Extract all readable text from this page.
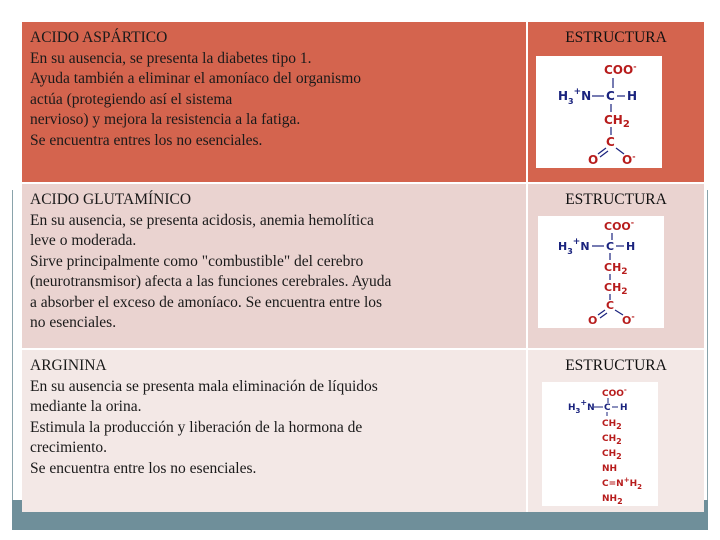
ACIDO ASPÁRTICO
En su ausencia, se presenta la diabetes tipo 1.
Ayuda también a eliminar el amoníaco del organismo
actúa (protegiendo así el sistema
nervioso) y mejora la resistencia a la fatiga.
Se encuentra entres los no esenciales.
ESTRUCTURA
COO-
$H_3^+N$ C H
$CH_2$
C
O O-
ACIDO GLUTAMÍNICO
En su ausencia, se presenta acidosis, anemia hemolítica
leve o moderada.
Sirve principalmente como "combustible" del cerebro
(neurotransmisor) afecta a las funciones cerebrales. Ayuda
a absorber el exceso de amoníaco. Se encuentra entre los
no esenciales.
ESTRUCTURA
COO-
$H_3^+N$ C H
$CH_2$
$CH_2$
C
O O-
ARGININA
En su ausencia se presenta mala eliminación de líquidos
mediante la orina.
Estimula la producción y liberación de la hormona de
crecimiento.
Se encuentra entre los no esenciales.
ESTRUCTURA
COO-
$H_3+N$ C H
CH2
CH2
CH2
NH
$C=N^+H_2$
NH2
